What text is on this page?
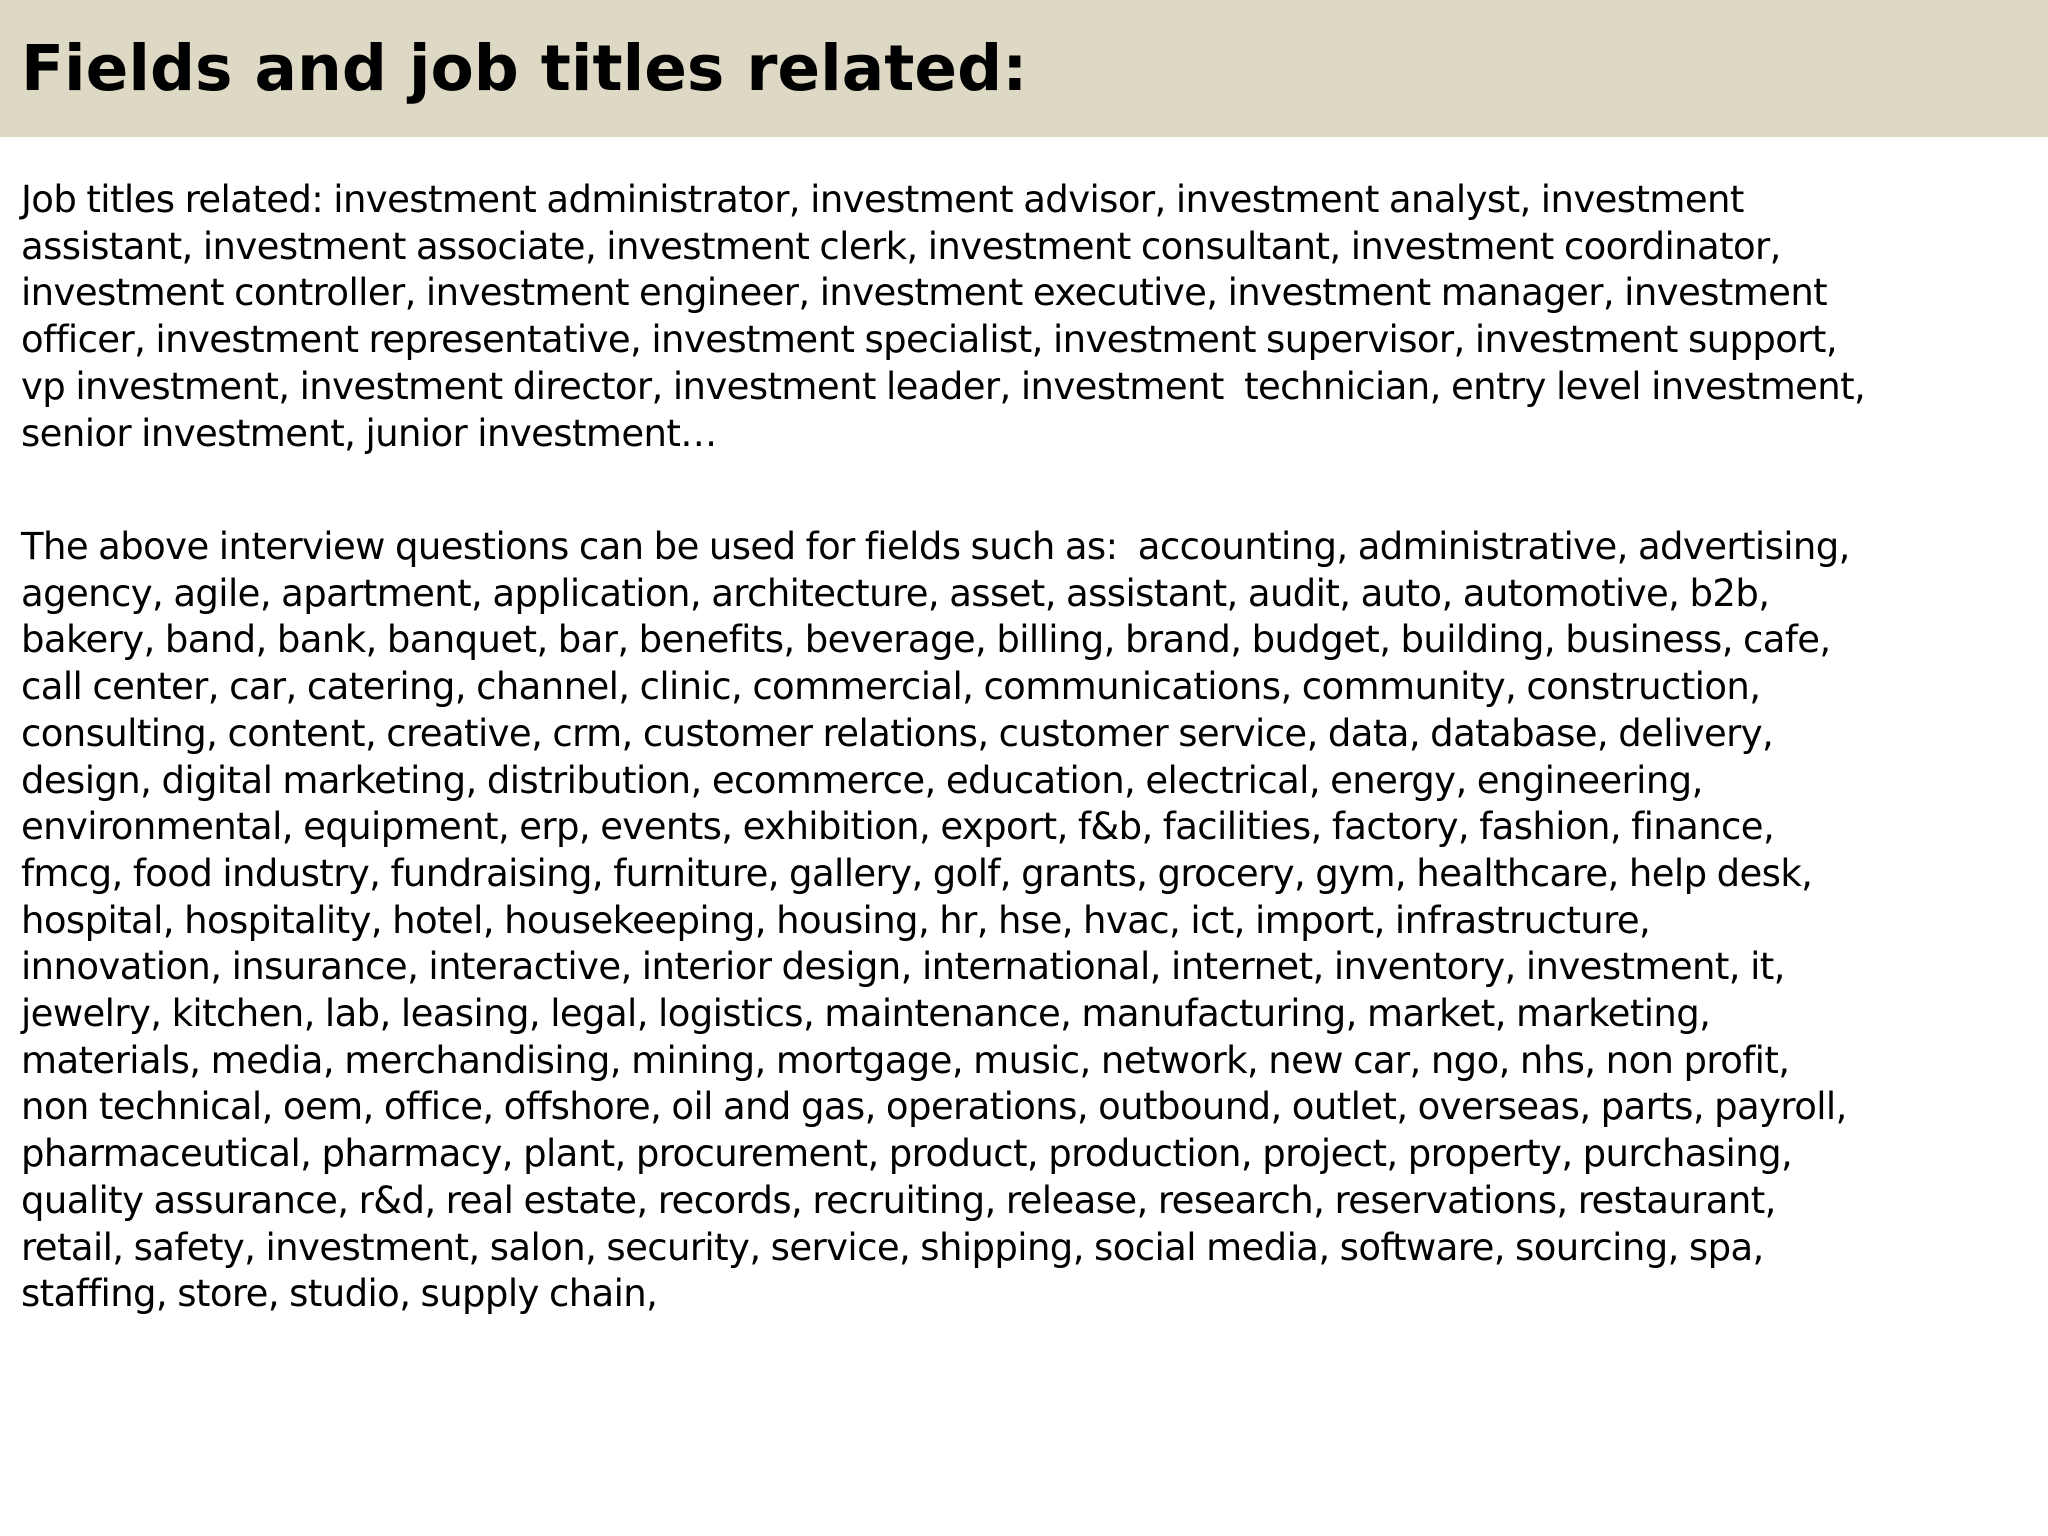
Fields and job titles related:

Job titles related: investment administrator, investment advisor, investment analyst, investment
assistant, investment associate, investment clerk, investment consultant, investment coordinator,
investment controller, investment engineer, investment executive, investment manager, investment
officer, investment representative, investment specialist, investment supervisor, investment support,
vp investment, investment director, investment leader, investment  technician, entry level investment,
senior investment, junior investment…

The above interview questions can be used for fields such as:  accounting, administrative, advertising,
agency, agile, apartment, application, architecture, asset, assistant, audit, auto, automotive, b2b,
bakery, band, bank, banquet, bar, benefits, beverage, billing, brand, budget, building, business, cafe,
call center, car, catering, channel, clinic, commercial, communications, community, construction,
consulting, content, creative, crm, customer relations, customer service, data, database, delivery,
design, digital marketing, distribution, ecommerce, education, electrical, energy, engineering,
environmental, equipment, erp, events, exhibition, export, f&b, facilities, factory, fashion, finance,
fmcg, food industry, fundraising, furniture, gallery, golf, grants, grocery, gym, healthcare, help desk,
hospital, hospitality, hotel, housekeeping, housing, hr, hse, hvac, ict, import, infrastructure,
innovation, insurance, interactive, interior design, international, internet, inventory, investment, it,
jewelry, kitchen, lab, leasing, legal, logistics, maintenance, manufacturing, market, marketing,
materials, media, merchandising, mining, mortgage, music, network, new car, ngo, nhs, non profit,
non technical, oem, office, offshore, oil and gas, operations, outbound, outlet, overseas, parts, payroll,
pharmaceutical, pharmacy, plant, procurement, product, production, project, property, purchasing,
quality assurance, r&d, real estate, records, recruiting, release, research, reservations, restaurant,
retail, safety, investment, salon, security, service, shipping, social media, software, sourcing, spa,
staffing, store, studio, supply chain,
